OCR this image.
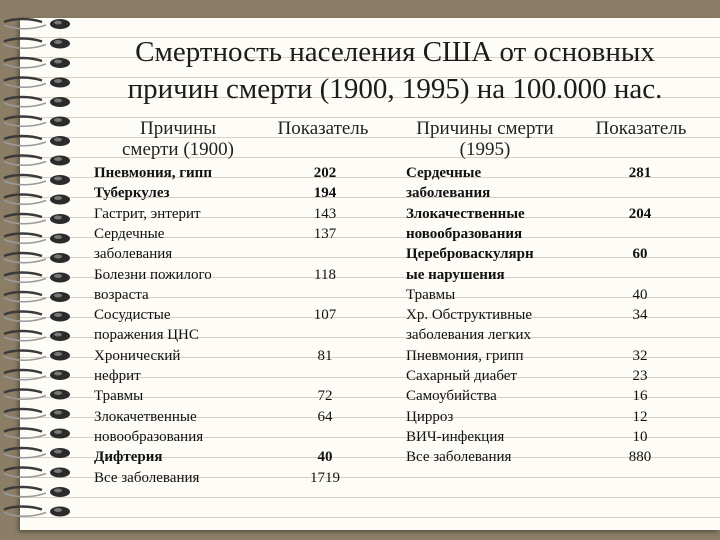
Смертность населения США от основных
причин смерти (1900, 1995) на 100.000 нас.
Причины
смерти (1900)
Показатель	Причины смерти
(1995)
Показатель
Пневмония, гипп
Туберкулез
Гастрит, энтерит
Сердечные
заболевания
Болезни пожилого
возраста
Сосудистые
поражения ЦНС
Хронический
нефрит
Травмы
Злокачетвенные
новообразования
Дифтерия
Все заболевания
202
194
143
137
118
107
81
72
64
40
1719
Сердечные
заболевания
Злокачественные
новообразования
Цереброваскулярн
ые нарушения
Травмы
Хр. Обструктивные
заболевания легких
Пневмония, грипп
Сахарный диабет
Самоубийства
Цирроз
ВИЧ-инфекция
Все заболевания
281
204
60
40
34
32
23
16
12
10
880
